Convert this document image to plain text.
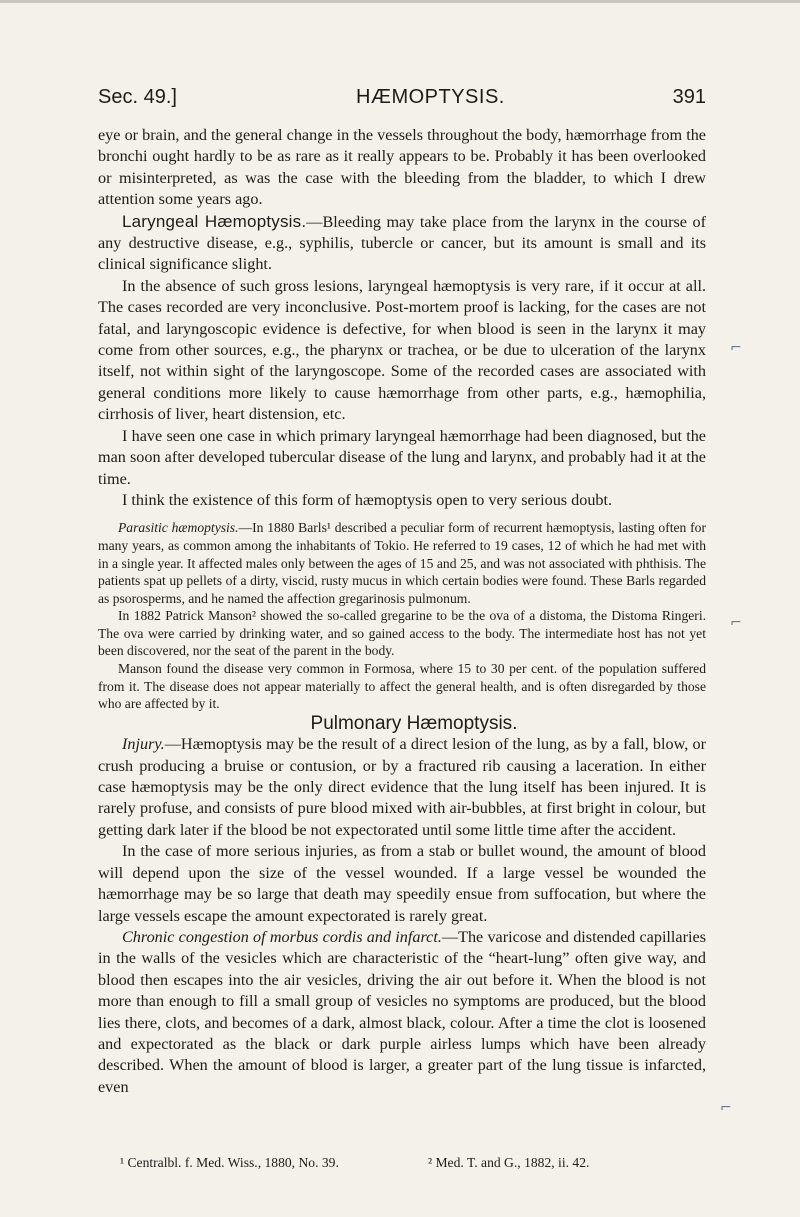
Sec. 49.]	HÆMOPTYSIS.	391

eye or brain, and the general change in the vessels throughout the body, hæmorrhage from the bronchi ought hardly to be as rare as it really appears to be. Probably it has been overlooked or misinterpreted, as was the case with the bleeding from the bladder, to which I drew attention some years ago.

Laryngeal Hæmoptysis.—Bleeding may take place from the larynx in the course of any destructive disease, e.g., syphilis, tubercle or cancer, but its amount is small and its clinical significance slight.

In the absence of such gross lesions, laryngeal hæmoptysis is very rare, if it occur at all. The cases recorded are very inconclusive. Post-mortem proof is lacking, for the cases are not fatal, and laryngoscopic evidence is defective, for when blood is seen in the larynx it may come from other sources, e.g., the pharynx or trachea, or be due to ulceration of the larynx itself, not within sight of the laryngoscope. Some of the recorded cases are associated with general conditions more likely to cause hæmorrhage from other parts, e.g., hæmophilia, cirrhosis of liver, heart distension, etc.

I have seen one case in which primary laryngeal hæmorrhage had been diagnosed, but the man soon after developed tubercular disease of the lung and larynx, and probably had it at the time.

I think the existence of this form of hæmoptysis open to very serious doubt.

Parasitic hæmoptysis.—In 1880 Barls¹ described a peculiar form of recurrent hæmoptysis, lasting often for many years, as common among the inhabitants of Tokio. He referred to 19 cases, 12 of which he had met with in a single year. It affected males only between the ages of 15 and 25, and was not associated with phthisis. The patients spat up pellets of a dirty, viscid, rusty mucus in which certain bodies were found. These Barls regarded as psorosperms, and he named the affection gregarinosis pulmonum.

In 1882 Patrick Manson² showed the so-called gregarine to be the ova of a distoma, the Distoma Ringeri. The ova were carried by drinking water, and so gained access to the body. The intermediate host has not yet been discovered, nor the seat of the parent in the body.

Manson found the disease very common in Formosa, where 15 to 30 per cent. of the population suffered from it. The disease does not appear materially to affect the general health, and is often disregarded by those who are affected by it.

Pulmonary Hæmoptysis.

Injury.—Hæmoptysis may be the result of a direct lesion of the lung, as by a fall, blow, or crush producing a bruise or contusion, or by a fractured rib causing a laceration. In either case hæmoptysis may be the only direct evidence that the lung itself has been injured. It is rarely profuse, and consists of pure blood mixed with air-bubbles, at first bright in colour, but getting dark later if the blood be not expectorated until some little time after the accident.

In the case of more serious injuries, as from a stab or bullet wound, the amount of blood will depend upon the size of the vessel wounded. If a large vessel be wounded the hæmorrhage may be so large that death may speedily ensue from suffocation, but where the large vessels escape the amount expectorated is rarely great.

Chronic congestion of morbus cordis and infarct.—The varicose and distended capillaries in the walls of the vesicles which are characteristic of the “heart-lung” often give way, and blood then escapes into the air vesicles, driving the air out before it. When the blood is not more than enough to fill a small group of vesicles no symptoms are produced, but the blood lies there, clots, and becomes of a dark, almost black, colour. After a time the clot is loosened and expectorated as the black or dark purple airless lumps which have been already described. When the amount of blood is larger, a greater part of the lung tissue is infarcted, even

¹ Centralbl. f. Med. Wiss., 1880, No. 39.	² Med. T. and G., 1882, ii. 42.
⌐
⌐
⌐
